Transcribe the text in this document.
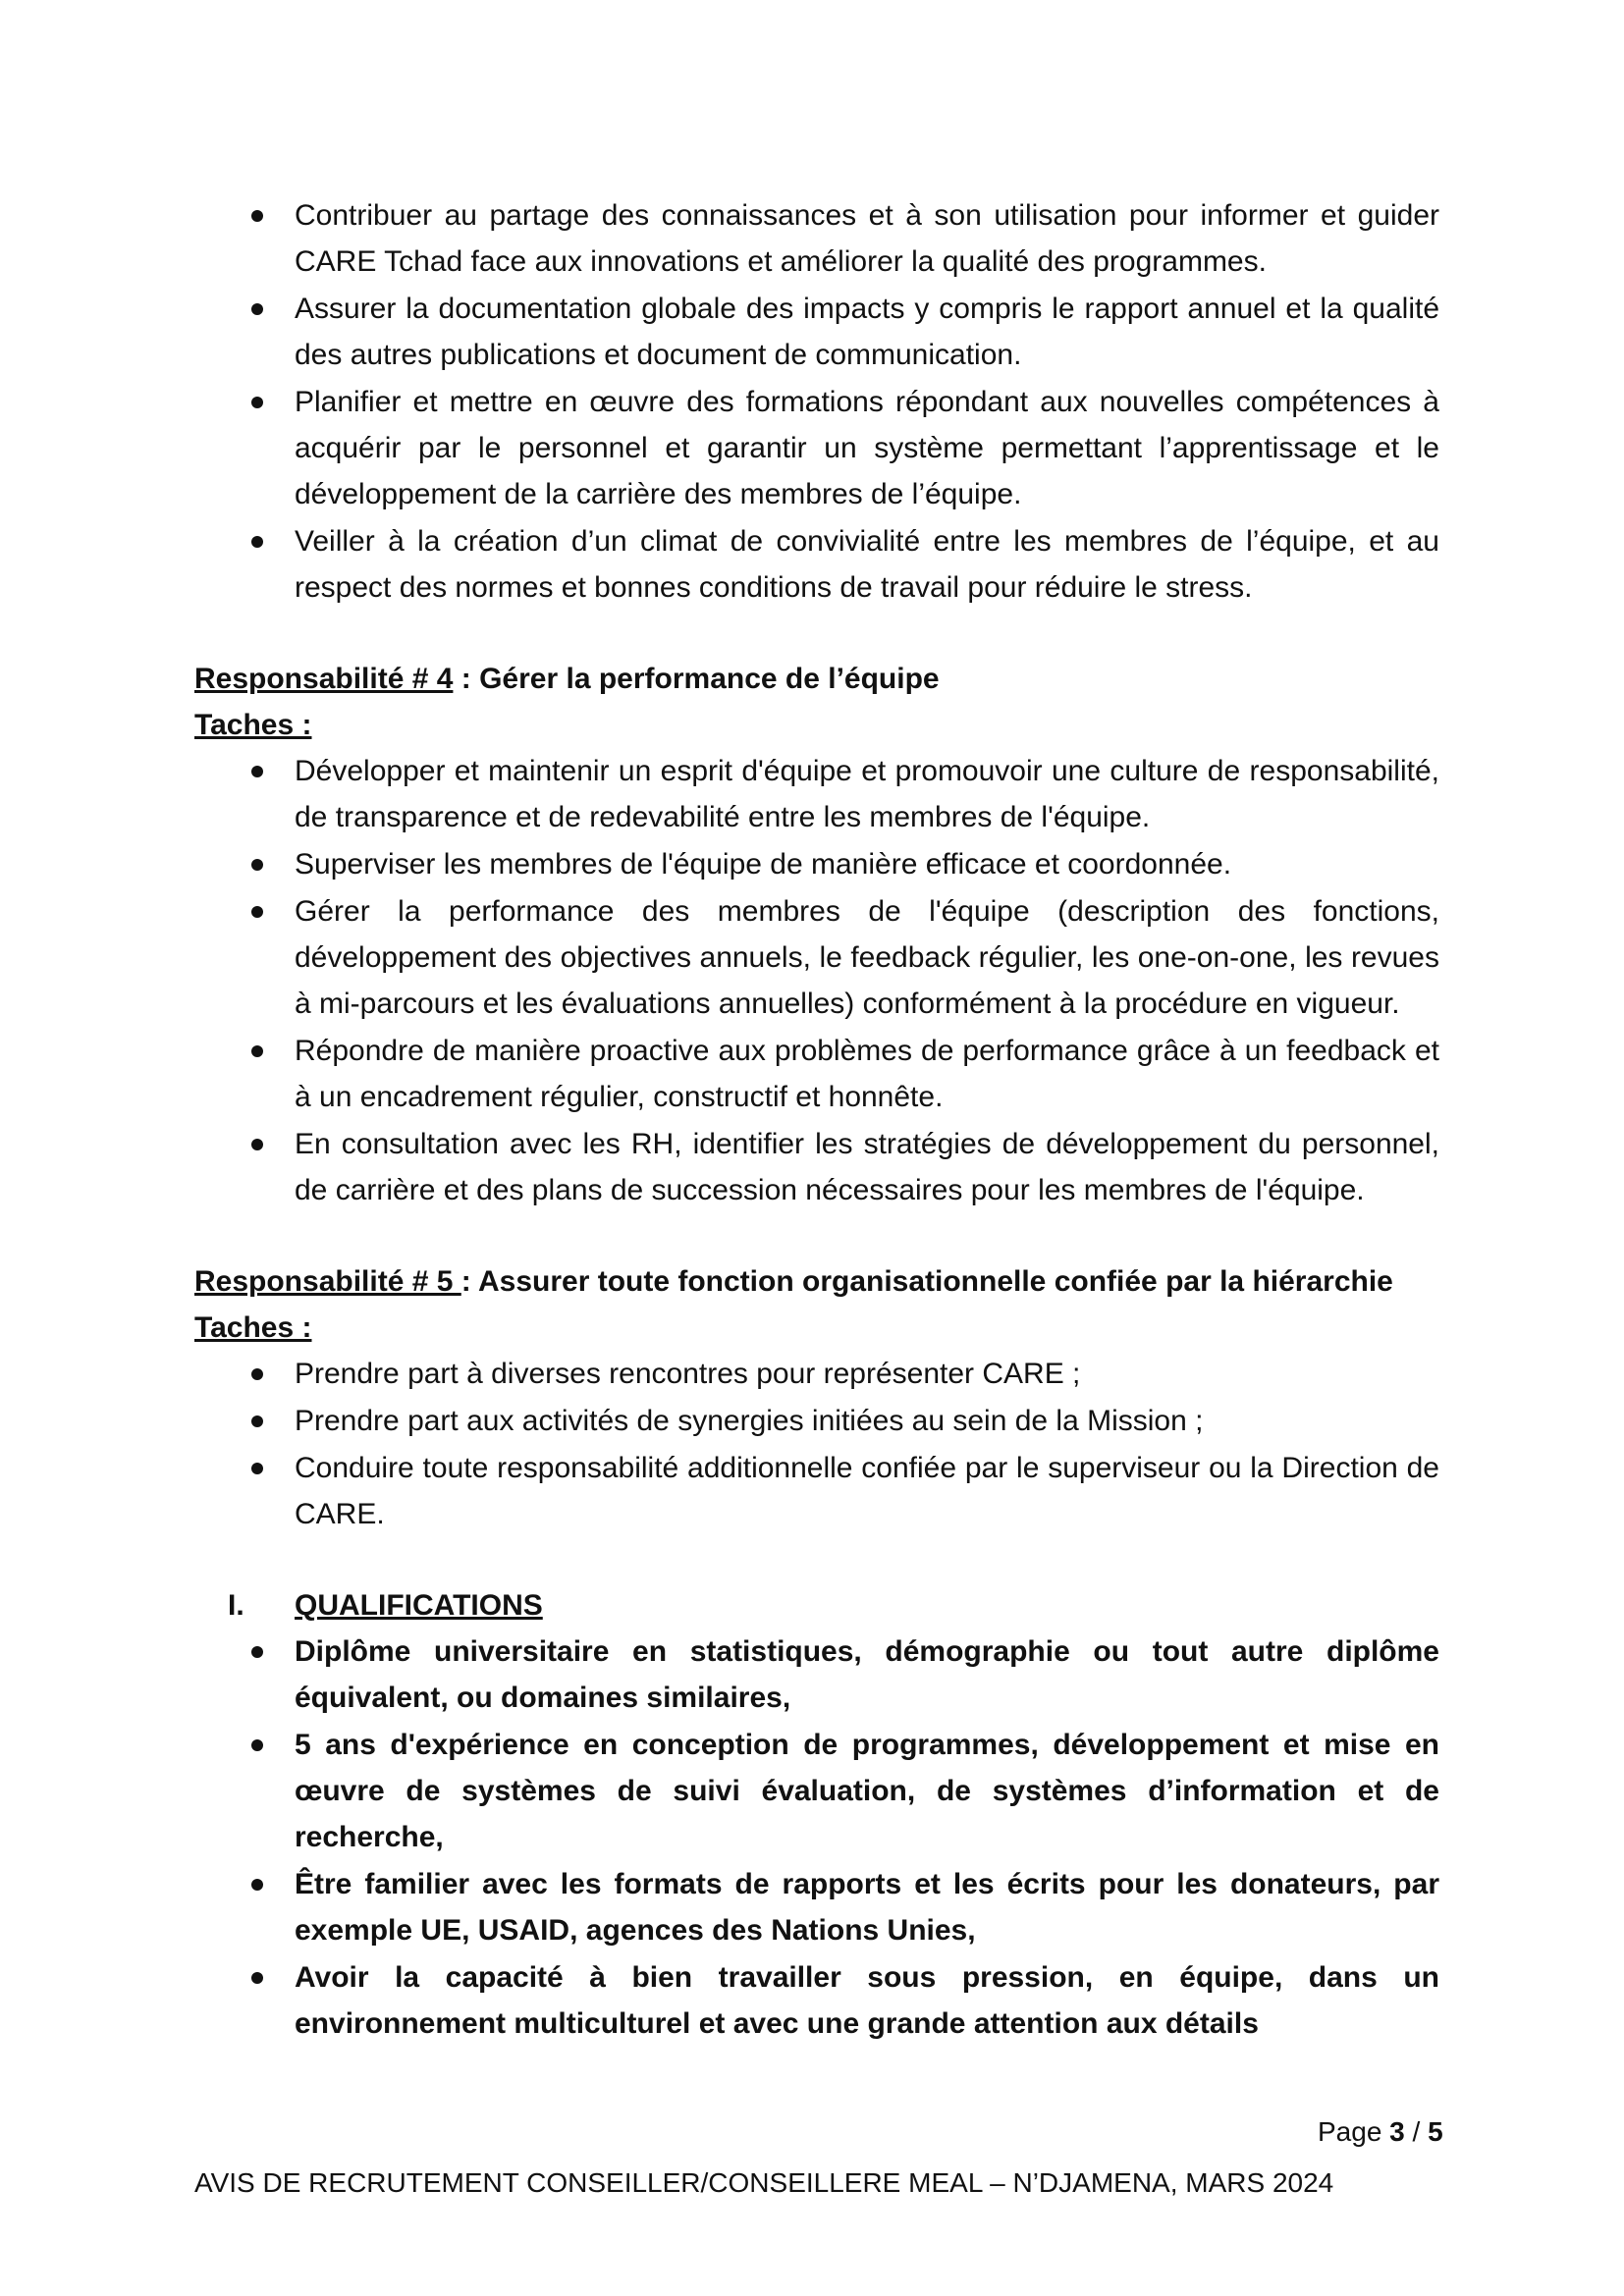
Contribuer au partage des connaissances et à son utilisation pour informer et guider CARE Tchad face aux innovations et améliorer la qualité des programmes.
Assurer la documentation globale des impacts y compris le rapport annuel et la qualité des autres publications et document de communication.
Planifier et mettre en œuvre des formations répondant aux nouvelles compétences à acquérir par le personnel et garantir un système permettant l’apprentissage et le développement de la carrière des membres de l’équipe.
Veiller à la création d’un climat de convivialité entre les membres de l’équipe, et au respect des normes et bonnes conditions de travail pour réduire le stress.
Responsabilité # 4 : Gérer la performance de l’équipe
Taches :
Développer et maintenir un esprit d'équipe et promouvoir une culture de responsabilité, de transparence et de redevabilité entre les membres de l'équipe.
Superviser les membres de l'équipe de manière efficace et coordonnée.
Gérer la performance des membres de l'équipe (description des fonctions, développement des objectives annuels, le feedback régulier, les one-on-one, les revues à mi-parcours et les évaluations annuelles) conformément à la procédure en vigueur.
Répondre de manière proactive aux problèmes de performance grâce à un feedback et à un encadrement régulier, constructif et honnête.
En consultation avec les RH, identifier les stratégies de développement du personnel, de carrière et des plans de succession nécessaires pour les membres de l'équipe.
Responsabilité # 5 : Assurer toute fonction organisationnelle confiée par la hiérarchie
Taches :
Prendre part à diverses rencontres pour représenter CARE ;
Prendre part aux activités de synergies initiées au sein de la Mission ;
Conduire toute responsabilité additionnelle confiée par le superviseur ou la Direction de CARE.
I. QUALIFICATIONS
Diplôme universitaire en statistiques, démographie ou tout autre diplôme équivalent, ou domaines similaires,
5 ans d'expérience en conception de programmes, développement et mise en œuvre de systèmes de suivi évaluation, de systèmes d’information et de recherche,
Être familier avec les formats de rapports et les écrits pour les donateurs, par exemple UE, USAID, agences des Nations Unies,
Avoir la capacité à bien travailler sous pression, en équipe, dans un environnement multiculturel et avec une grande attention aux détails
Page 3 / 5
AVIS DE RECRUTEMENT CONSEILLER/CONSEILLERE MEAL – N’DJAMENA, MARS 2024
